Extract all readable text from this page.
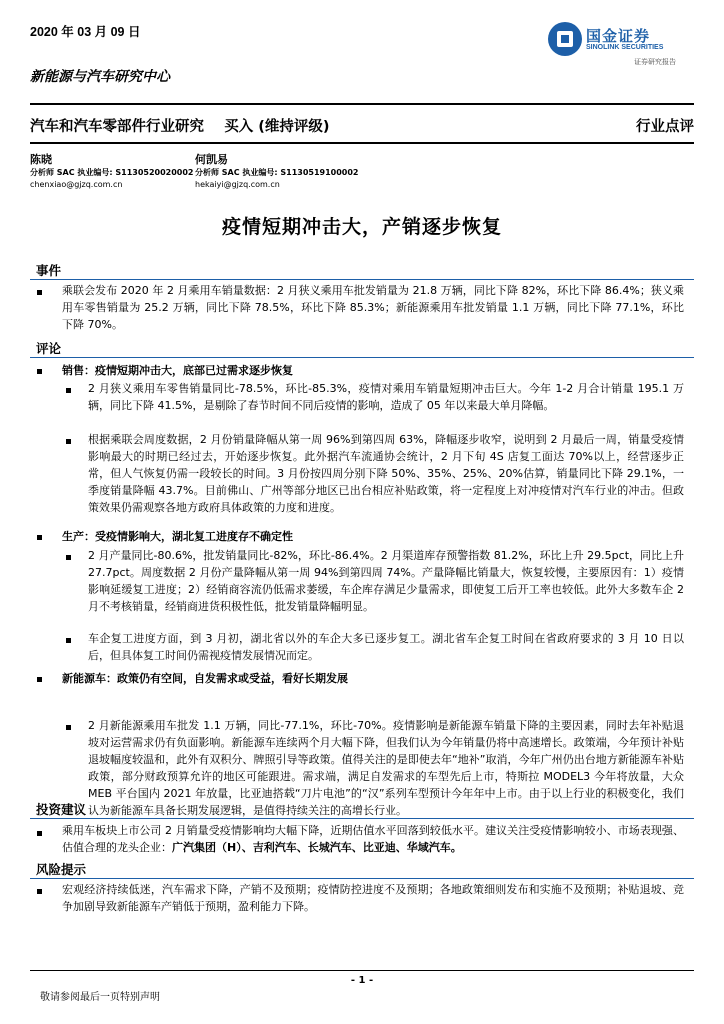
2020 年 03 月 09 日	国金证券
SINOLINK SECURITIES
证券研究报告
新能源与汽车研究中心
汽车和汽车零部件行业研究    买入 (维持评级)	行业点评
陈晓
分析师 SAC 执业编号: S1130520020002
chenxiao@gjzq.com.cn
何凯易
分析师 SAC 执业编号: S1130519100002
hekaiyi@gjzq.com.cn
疫情短期冲击大，产销逐步恢复
事件
乘联会发布 2020 年 2 月乘用车销量数据：2 月狭义乘用车批发销量为 21.8 万辆，同比下降 82%，环比下降 86.4%；狭义乘用车零售销量为 25.2 万辆，同比下降 78.5%，环比下降 85.3%；新能源乘用车批发销量 1.1 万辆，同比下降 77.1%，环比下降 70%。
评论
销售：疫情短期冲击大，底部已过需求逐步恢复
2 月狭义乘用车零售销量同比-78.5%，环比-85.3%，疫情对乘用车销量短期冲击巨大。今年 1-2 月合计销量 195.1 万辆，同比下降 41.5%，是剔除了春节时间不同后疫情的影响，造成了 05 年以来最大单月降幅。
根据乘联会周度数据，2 月份销量降幅从第一周 96%到第四周 63%，降幅逐步收窄，说明到 2 月最后一周，销量受疫情影响最大的时期已经过去，开始逐步恢复。此外据汽车流通协会统计，2 月下旬 4S 店复工面达 70%以上，经营逐步正常，但人气恢复仍需一段较长的时间。3 月份按四周分别下降 50%、35%、25%、20%估算，销量同比下降 29.1%，一季度销量降幅 43.7%。目前佛山、广州等部分地区已出台相应补贴政策，将一定程度上对冲疫情对汽车行业的冲击。但政策效果仍需观察各地方政府具体政策的力度和进度。
生产：受疫情影响大，湖北复工进度存不确定性
2 月产量同比-80.6%，批发销量同比-82%，环比-86.4%。2 月渠道库存预警指数 81.2%，环比上升 29.5pct，同比上升 27.7pct。周度数据 2 月份产量降幅从第一周 94%到第四周 74%。产量降幅比销量大，恢复较慢，主要原因有：1）疫情影响延缓复工进度；2）经销商容流仍低需求萎缓，车企库存满足少量需求，即使复工后开工率也较低。此外大多数车企 2 月不考核销量，经销商进货积极性低，批发销量降幅明显。
车企复工进度方面，到 3 月初，湖北省以外的车企大多已逐步复工。湖北省车企复工时间在省政府要求的 3 月 10 日以后，但具体复工时间仍需视疫情发展情况而定。
新能源车：政策仍有空间，自发需求或受益，看好长期发展
2 月新能源乘用车批发 1.1 万辆，同比-77.1%，环比-70%。疫情影响是新能源车销量下降的主要因素，同时去年补贴退坡对运营需求仍有负面影响。新能源车连续两个月大幅下降，但我们认为今年销量仍将中高速增长。政策端，今年预计补贴退坡幅度较温和，此外有双积分、牌照引导等政策。值得关注的是即使去年“地补”取消，今年广州仍出台地方新能源车补贴政策，部分财政预算允许的地区可能跟进。需求端，满足自发需求的车型先后上市，特斯拉 MODEL3 今年将放量，大众 MEB 平台国内 2021 年放量，比亚迪搭载“刀片电池”的“汉”系列车型预计今年年中上市。由于以上行业的积极变化，我们认为新能源车具备长期发展逻辑，是值得持续关注的高增长行业。
投资建议
乘用车板块上市公司 2 月销量受疫情影响均大幅下降，近期估值水平回落到较低水平。建议关注受疫情影响较小、市场表现强、估值合理的龙头企业：广汽集团（H）、吉利汽车、长城汽车、比亚迪、华域汽车。
风险提示
宏观经济持续低迷，汽车需求下降，产销不及预期；疫情防控进度不及预期；各地政策细则发布和实施不及预期；补贴退坡、竞争加剧导致新能源车产销低于预期，盈利能力下降。
- 1 -
敬请参阅最后一页特别声明
